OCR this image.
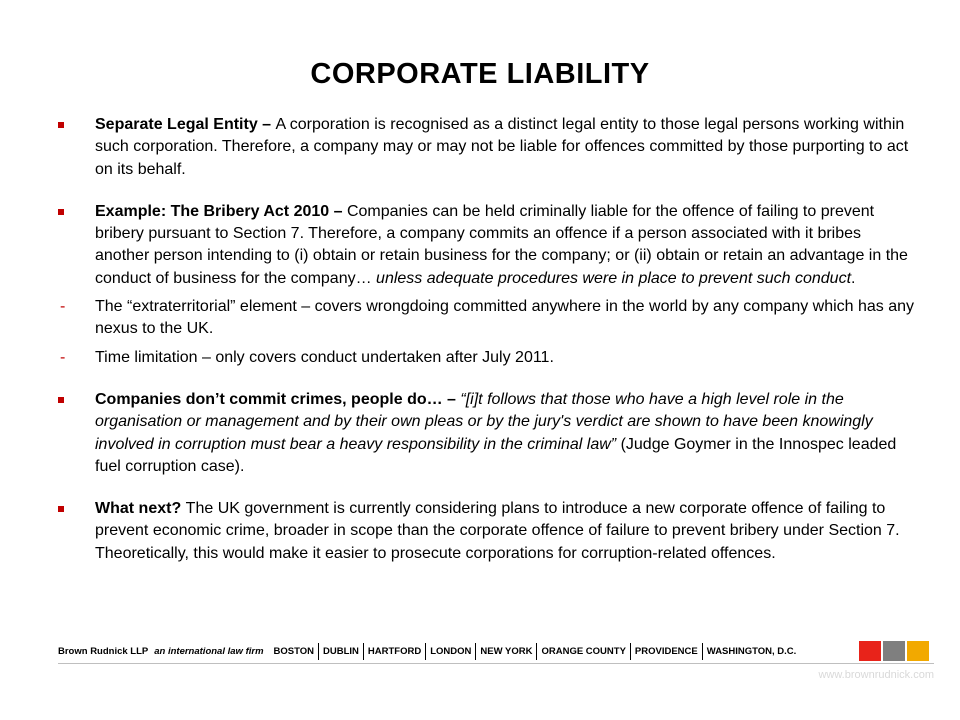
CORPORATE LIABILITY

Separate Legal Entity – A corporation is recognised as a distinct legal entity to those legal persons working within such corporation. Therefore, a company may or may not be liable for offences committed by those purporting to act on its behalf.

Example: The Bribery Act 2010 – Companies can be held criminally liable for the offence of failing to prevent bribery pursuant to Section 7. Therefore, a company commits an offence if a person associated with it bribes another person intending to (i) obtain or retain business for the company; or (ii) obtain or retain an advantage in the conduct of business for the company… unless adequate procedures were in place to prevent such conduct.

- The “extraterritorial” element – covers wrongdoing committed anywhere in the world by any company which has any nexus to the UK.

- Time limitation – only covers conduct undertaken after July 2011.

Companies don’t commit crimes, people do… – “[i]t follows that those who have a high level role in the organisation or management and by their own pleas or by the jury's verdict are shown to have been knowingly involved in corruption must bear a heavy responsibility in the criminal law” (Judge Goymer in the Innospec leaded fuel corruption case).

What next? The UK government is currently considering plans to introduce a new corporate offence of failing to prevent economic crime, broader in scope than the corporate offence of failure to prevent bribery under Section 7. Theoretically, this would make it easier to prosecute corporations for corruption-related offences.

Brown Rudnick LLP an international law firm	BOSTON DUBLIN HARTFORD LONDON NEW YORK ORANGE COUNTY PROVIDENCE WASHINGTON, D.C.
www.brownrudnick.com
